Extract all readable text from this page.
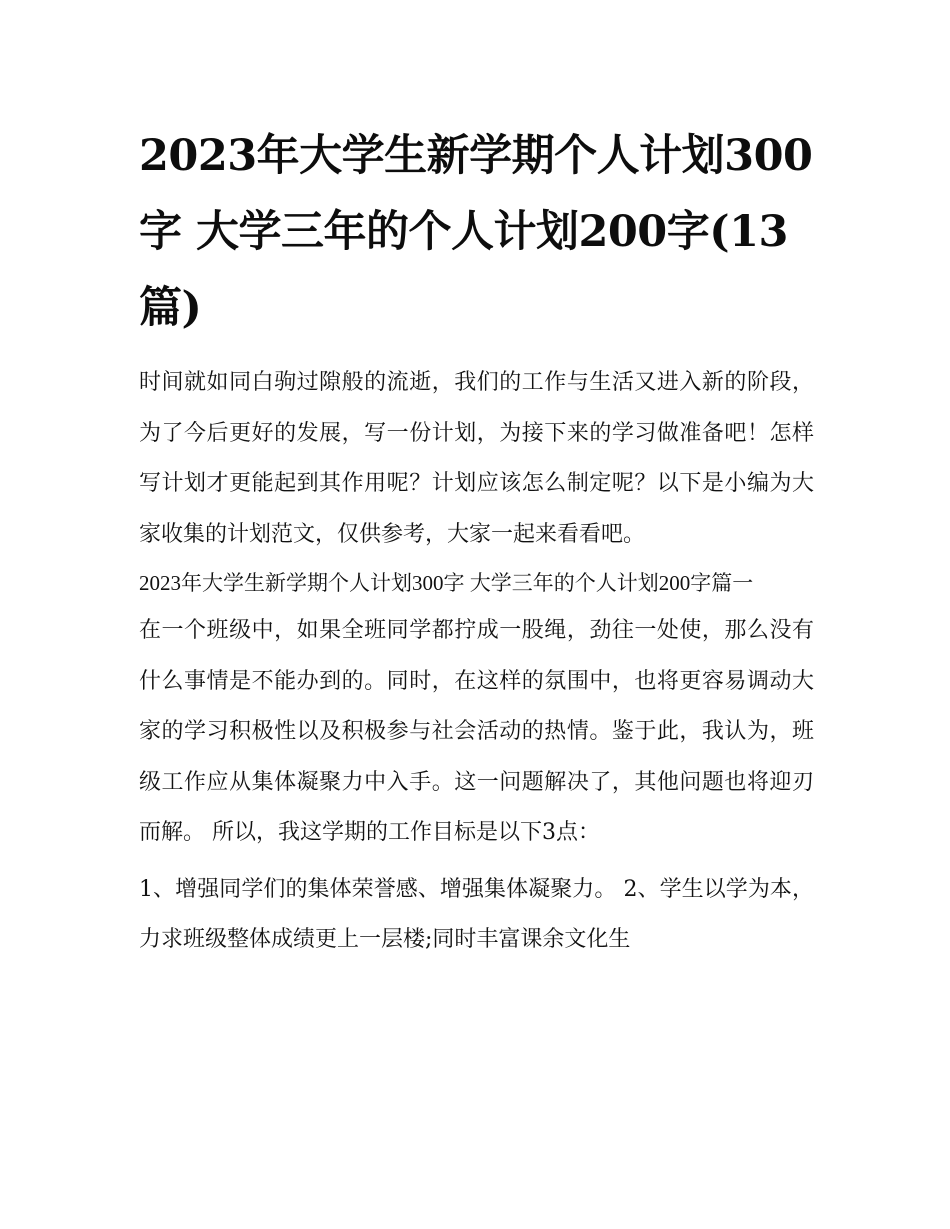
2023年大学生新学期个人计划300字 大学三年的个人计划200字(13篇)

时间就如同白驹过隙般的流逝，我们的工作与生活又进入新的阶段，为了今后更好的发展，写一份计划，为接下来的学习做准备吧！怎样写计划才更能起到其作用呢？计划应该怎么制定呢？以下是小编为大家收集的计划范文，仅供参考，大家一起来看看吧。

2023年大学生新学期个人计划300字 大学三年的个人计划200字篇一

在一个班级中，如果全班同学都拧成一股绳，劲往一处使，那么没有什么事情是不能办到的。同时，在这样的氛围中，也将更容易调动大家的学习积极性以及积极参与社会活动的热情。鉴于此，我认为，班级工作应从集体凝聚力中入手。这一问题解决了，其他问题也将迎刃而解。 所以，我这学期的工作目标是以下3点：

1、增强同学们的集体荣誉感、增强集体凝聚力。 2、学生以学为本，力求班级整体成绩更上一层楼;同时丰富课余文化生
